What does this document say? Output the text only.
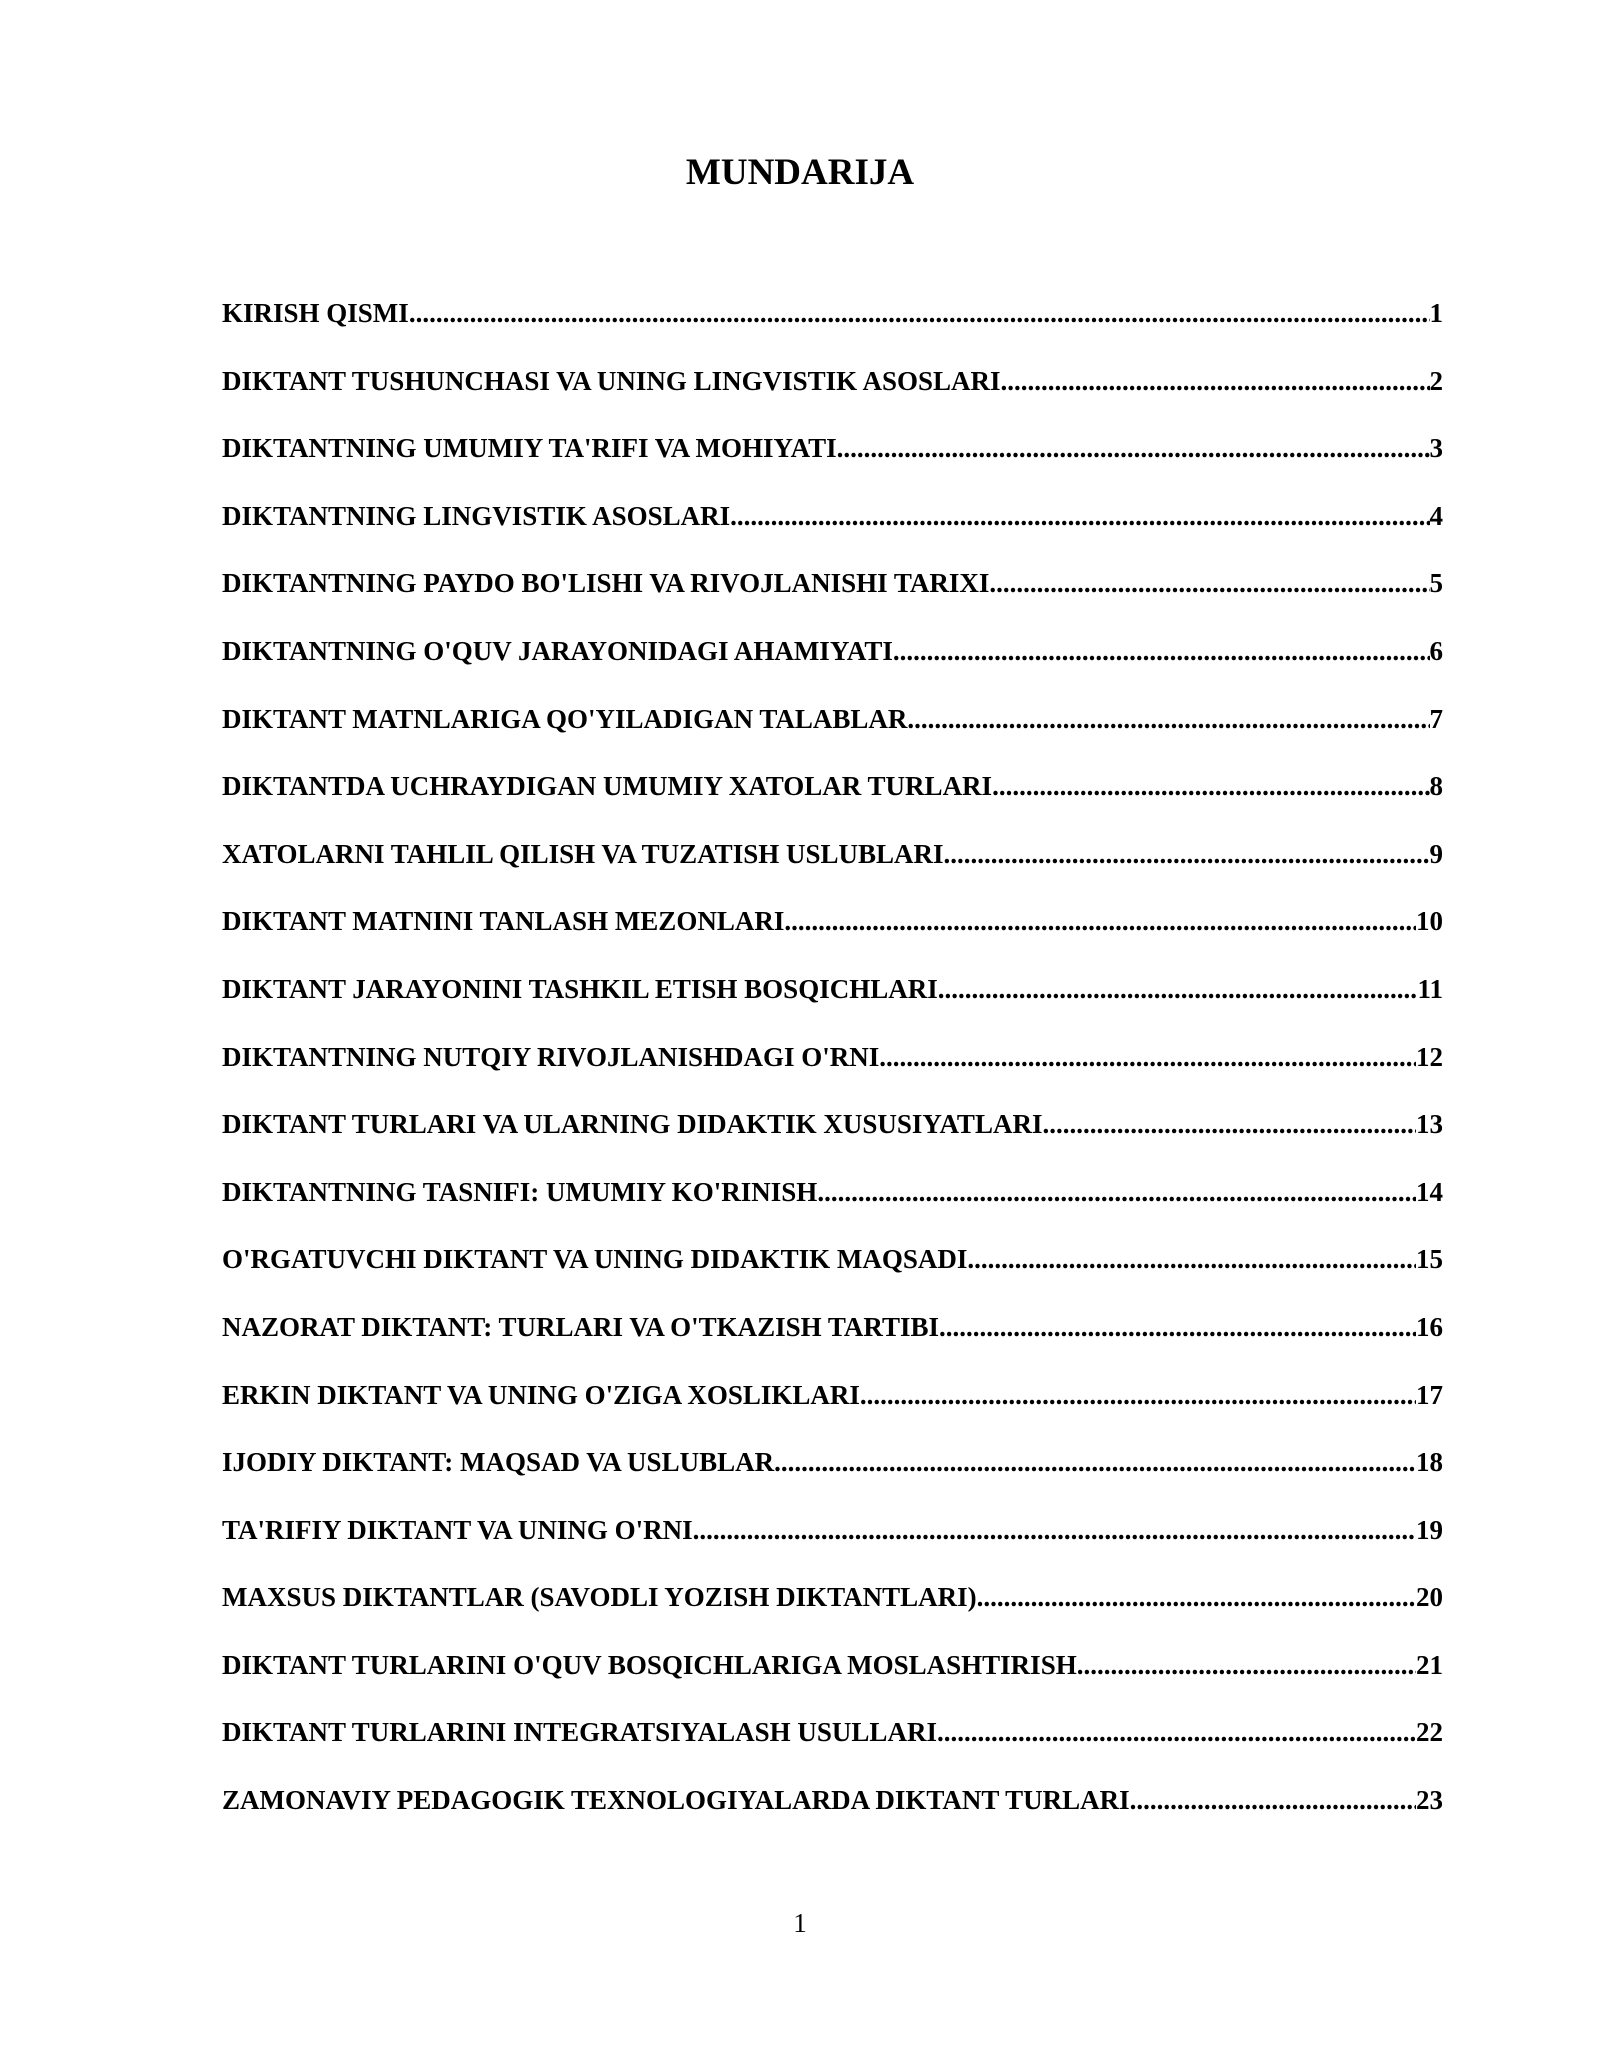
MUNDARIJA
KIRISH QISMI .....	1
DIKTANT TUSHUNCHASI VA UNING LINGVISTIK ASOSLARI .....	2
DIKTANTNING UMUMIY TA'RIFI VA MOHIYATI .....	3
DIKTANTNING LINGVISTIK ASOSLARI .....	4
DIKTANTNING PAYDO BO'LISHI VA RIVOJLANISHI TARIXI .....	5
DIKTANTNING O'QUV JARAYONIDAGI AHAMIYATI .....	6
DIKTANT MATNLARIGA QO'YILADIGAN TALABLAR .....	7
DIKTANTDA UCHRAYDIGAN UMUMIY XATOLAR TURLARI .....	8
XATOLARNI TAHLIL QILISH VA TUZATISH USLUBLARI .....	9
DIKTANT MATNINI TANLASH MEZONLARI .....	10
DIKTANT JARAYONINI TASHKIL ETISH BOSQICHLARI .....	11
DIKTANTNING NUTQIY RIVOJLANISHDAGI O'RNI .....	12
DIKTANT TURLARI VA ULARNING DIDAKTIK XUSUSIYATLARI .....	13
DIKTANTNING TASNIFI: UMUMIY KO'RINISH .....	14
O'RGATUVCHI DIKTANT VA UNING DIDAKTIK MAQSADI .....	15
NAZORAT DIKTANT: TURLARI VA O'TKAZISH TARTIBI .....	16
ERKIN DIKTANT VA UNING O'ZIGA XOSLIKLARI .....	17
IJODIY DIKTANT: MAQSAD VA USLUBLAR .....	18
TA'RIFIY DIKTANT VA UNING O'RNI .....	19
MAXSUS DIKTANTLAR (SAVODLI YOZISH DIKTANTLARI) .....	20
DIKTANT TURLARINI O'QUV BOSQICHLARIGA MOSLASHTIRISH .....	21
DIKTANT TURLARINI INTEGRATSIYALASH USULLARI .....	22
ZAMONAVIY PEDAGOGIK TEXNOLOGIYALARDA DIKTANT TURLARI .....	23
1
